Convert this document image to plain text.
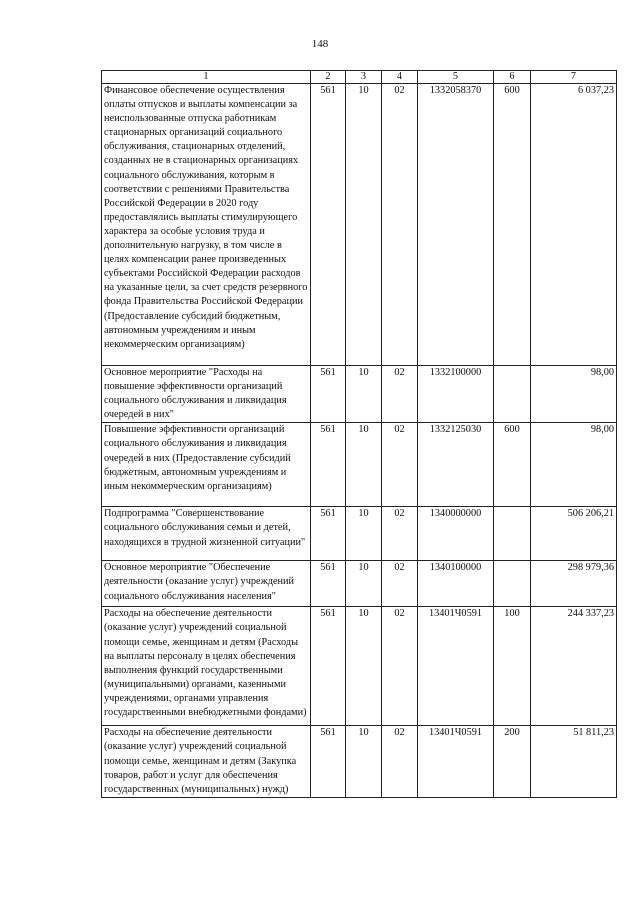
148
1	2	3	4	5	6	7
Финансовое обеспечение осуществления оплаты отпусков и выплаты компенсации за неиспользованные отпуска работникам стационарных организаций социального обслуживания, стационарных отделений, созданных не в стационарных организациях социального обслуживания, которым в соответствии с решениями Правительства Российской Федерации в 2020 году предоставлялись выплаты стимулирующего характера за особые условия труда и дополнительную нагрузку, в том числе в целях компенсации ранее произведенных субъектами Российской Федерации расходов на указанные цели, за счет средств резервного фонда Правительства Российской Федерации (Предоставление субсидий бюджетным, автономным учреждениям и иным некоммерческим организациям)	561	10	02	1332058370	600	6 037,23
Основное мероприятие "Расходы на повышение эффективности организаций социального обслуживания и ликвидация очередей в них"	561	10	02	1332100000		98,00
Повышение эффективности организаций социального обслуживания и ликвидация очередей в них (Предоставление субсидий бюджетным, автономным учреждениям и иным некоммерческим организациям)	561	10	02	1332125030	600	98,00
Подпрограмма "Совершенствование социального обслуживания семьи и детей, находящихся в трудной жизненной ситуации"	561	10	02	1340000000		506 206,21
Основное мероприятие "Обеспечение деятельности (оказание услуг) учреждений социального обслуживания населения"	561	10	02	1340100000		298 979,36
Расходы на обеспечение деятельности (оказание услуг) учреждений социальной помощи семье, женщинам и детям (Расходы на выплаты персоналу в целях обеспечения выполнения функций государственными (муниципальными) органами, казенными учреждениями, органами управления государственными внебюджетными фондами)	561	10	02	13401Ч0591	100	244 337,23
Расходы на обеспечение деятельности (оказание услуг) учреждений социальной помощи семье, женщинам и детям (Закупка товаров, работ и услуг для обеспечения государственных (муниципальных) нужд)	561	10	02	13401Ч0591	200	51 811,23
